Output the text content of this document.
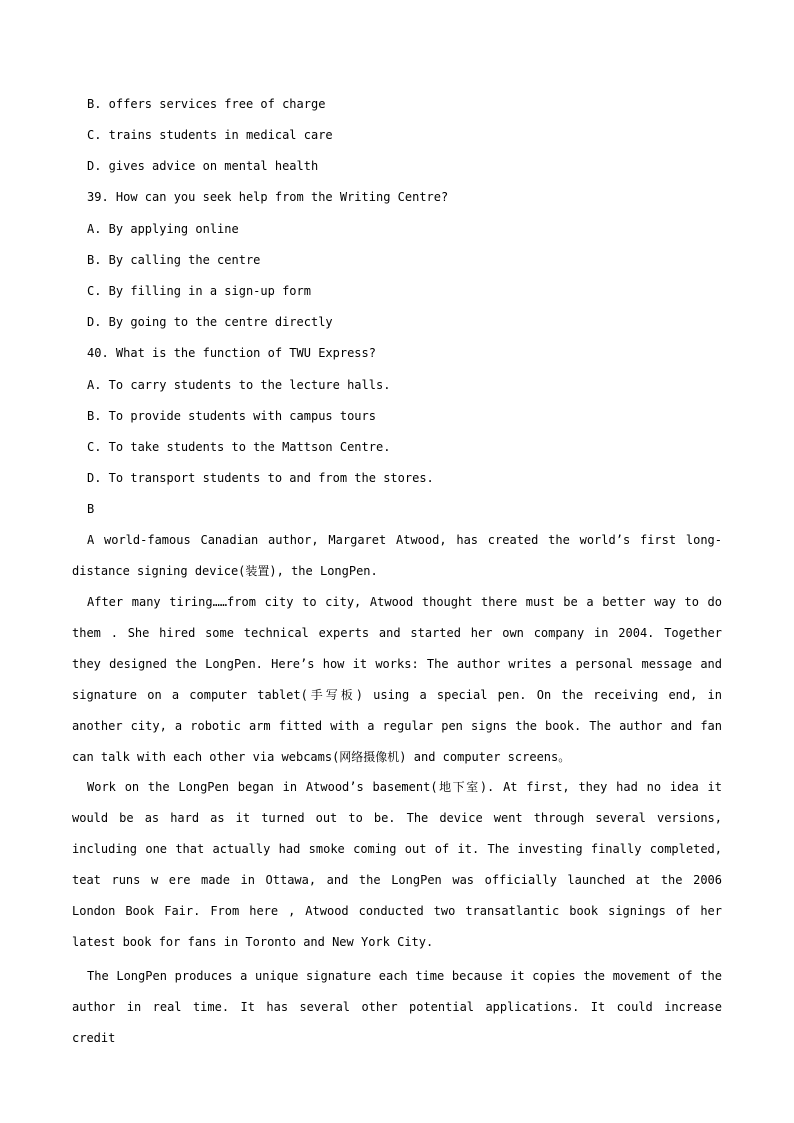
B. offers services free of charge
C. trains students in medical care
D. gives advice on mental health
39. How can you seek help from the Writing Centre?
A. By applying online
B. By calling the centre
C. By filling in a sign-up form
D. By going to the centre directly
40. What is the function of TWU Express?
A. To carry students to the lecture halls.
B. To provide students with campus tours
C. To take students to the Mattson Centre.
D. To transport students to and from the stores.
B

A world-famous Canadian author, Margaret Atwood, has created the world’s first long-distance signing device(装置), the LongPen.

After many tiring……from city to city, Atwood thought there must be a better way to do them . She hired some technical experts and started her own company in 2004. Together they designed the LongPen. Here’s how it works: The author writes a personal message and signature on a computer tablet(手写板) using a special pen. On the receiving end, in another city, a robotic arm fitted with a regular pen signs the book. The author and fan can talk with each other via webcams(网络摄像机) and computer screens。

Work on the LongPen began in Atwood’s basement(地下室). At first, they had no idea it would be as hard as it turned out to be. The device went through several versions, including one that actually had smoke coming out of it. The investing finally completed, teat runs w ere made in Ottawa, and the LongPen was officially launched at the 2006 London Book Fair. From here , Atwood conducted two transatlantic book signings of her latest book for fans in Toronto and New York City.

The LongPen produces a unique signature each time because it copies the movement of the author in real time. It has several other potential applications. It could increase credit
